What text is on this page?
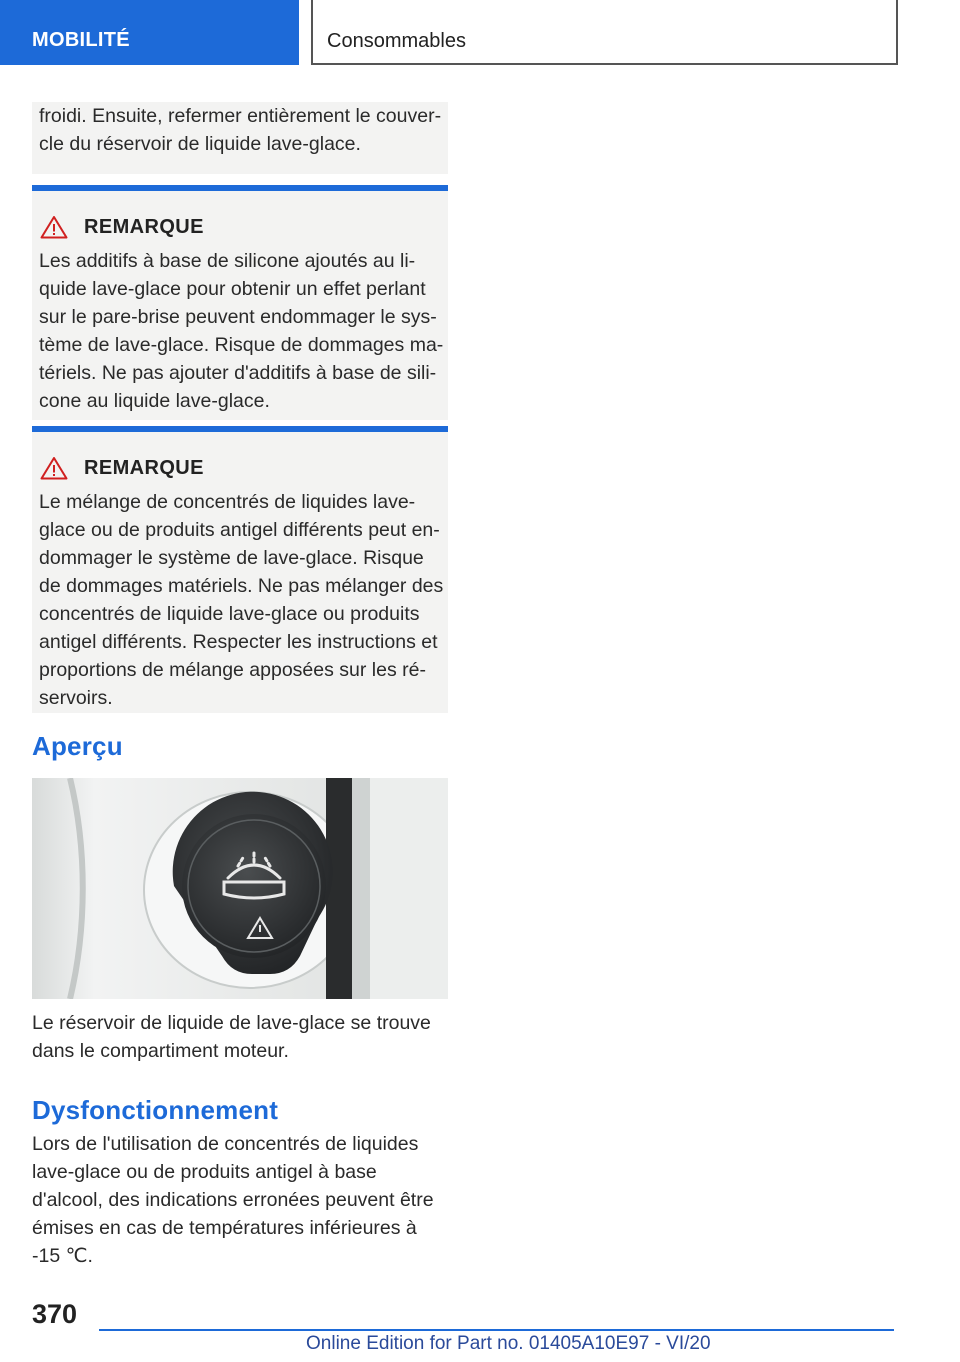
MOBILITÉ	Consommables

froidi. Ensuite, refermer entièrement le couver-cle du réservoir de liquide lave-glace.

REMARQUE

Les additifs à base de silicone ajoutés au li-quide lave-glace pour obtenir un effet perlant sur le pare-brise peuvent endommager le sys-tème de lave-glace. Risque de dommages ma-tériels. Ne pas ajouter d'additifs à base de sili-cone au liquide lave-glace.

REMARQUE

Le mélange de concentrés de liquides lave-glace ou de produits antigel différents peut en-dommager le système de lave-glace. Risque de dommages matériels. Ne pas mélanger des concentrés de liquide lave-glace ou produits antigel différents. Respecter les instructions et proportions de mélange apposées sur les ré-servoirs.

Aperçu

Le réservoir de liquide de lave-glace se trouve dans le compartiment moteur.

Dysfonctionnement

Lors de l'utilisation de concentrés de liquides lave-glace ou de produits antigel à base d'alcool, des indications erronées peuvent être émises en cas de températures inférieures à -15 ℃.

370
Online Edition for Part no. 01405A10E97 - VI/20
